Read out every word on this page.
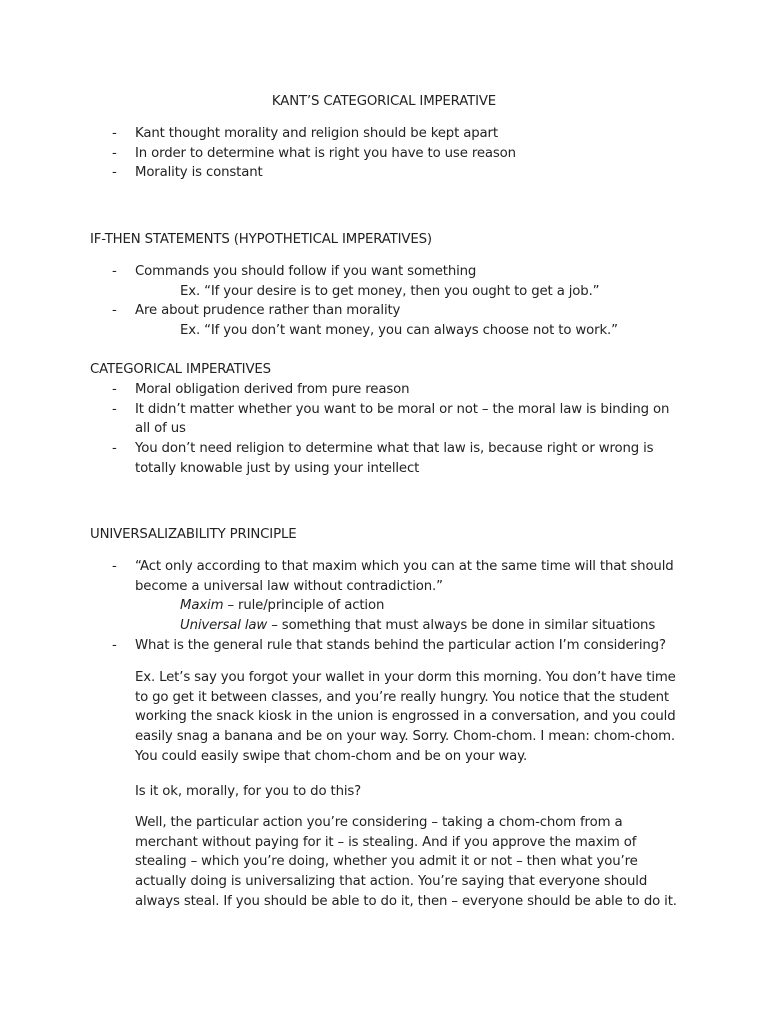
KANT’S CATEGORICAL IMPERATIVE
- Kant thought morality and religion should be kept apart
- In order to determine what is right you have to use reason
- Morality is constant
IF-THEN STATEMENTS (HYPOTHETICAL IMPERATIVES)
- Commands you should follow if you want something
Ex. “If your desire is to get money, then you ought to get a job.”
- Are about prudence rather than morality
Ex. “If you don’t want money, you can always choose not to work.”
CATEGORICAL IMPERATIVES
- Moral obligation derived from pure reason
- It didn’t matter whether you want to be moral or not – the moral law is binding on all of us
- You don’t need religion to determine what that law is, because right or wrong is totally knowable just by using your intellect
UNIVERSALIZABILITY PRINCIPLE
- “Act only according to that maxim which you can at the same time will that should become a universal law without contradiction.”
Maxim – rule/principle of action
Universal law – something that must always be done in similar situations
- What is the general rule that stands behind the particular action I’m considering?

Ex. Let’s say you forgot your wallet in your dorm this morning. You don’t have time to go get it between classes, and you’re really hungry. You notice that the student working the snack kiosk in the union is engrossed in a conversation, and you could easily snag a banana and be on your way. Sorry. Chom-chom. I mean: chom-chom. You could easily swipe that chom-chom and be on your way.

Is it ok, morally, for you to do this?

Well, the particular action you’re considering – taking a chom-chom from a merchant without paying for it – is stealing. And if you approve the maxim of stealing – which you’re doing, whether you admit it or not – then what you’re actually doing is universalizing that action. You’re saying that everyone should always steal. If you should be able to do it, then – everyone should be able to do it.
